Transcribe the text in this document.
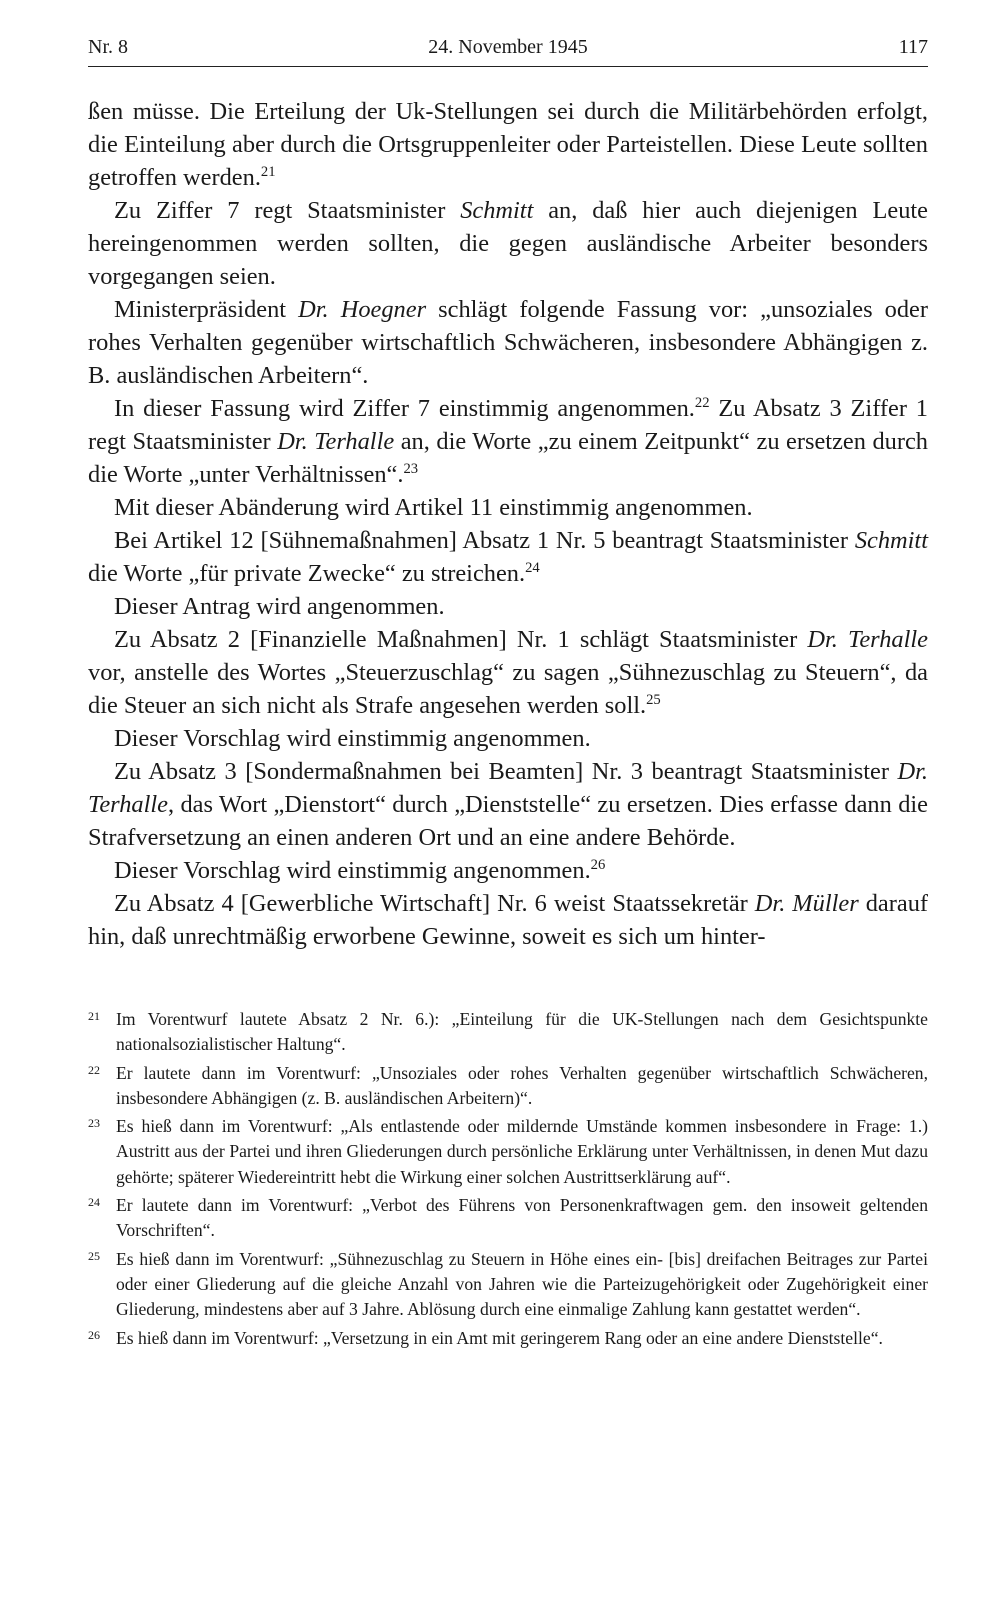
Nr. 8	24. November 1945	117

ßen müsse. Die Erteilung der Uk-Stellungen sei durch die Militärbehörden erfolgt, die Einteilung aber durch die Ortsgruppenleiter oder Parteistellen. Diese Leute sollten getroffen werden.$^{21}$

Zu Ziffer 7 regt Staatsminister Schmitt an, daß hier auch diejenigen Leute hereingenommen werden sollten, die gegen ausländische Arbeiter besonders vorgegangen seien.

Ministerpräsident Dr. Hoegner schlägt folgende Fassung vor: „unsoziales oder rohes Verhalten gegenüber wirtschaftlich Schwächeren, insbesondere Abhängigen z. B. ausländischen Arbeitern“.

In dieser Fassung wird Ziffer 7 einstimmig angenommen.$^{22}$ Zu Absatz 3 Ziffer 1 regt Staatsminister Dr. Terhalle an, die Worte „zu einem Zeitpunkt“ zu ersetzen durch die Worte „unter Verhältnissen“.$^{23}$

Mit dieser Abänderung wird Artikel 11 einstimmig angenommen.

Bei Artikel 12 [Sühnemaßnahmen] Absatz 1 Nr. 5 beantragt Staatsminister Schmitt die Worte „für private Zwecke“ zu streichen.$^{24}$

Dieser Antrag wird angenommen.

Zu Absatz 2 [Finanzielle Maßnahmen] Nr. 1 schlägt Staatsminister Dr. Terhalle vor, anstelle des Wortes „Steuerzuschlag“ zu sagen „Sühnezuschlag zu Steuern“, da die Steuer an sich nicht als Strafe angesehen werden soll.$^{25}$

Dieser Vorschlag wird einstimmig angenommen.

Zu Absatz 3 [Sondermaßnahmen bei Beamten] Nr. 3 beantragt Staatsminister Dr. Terhalle, das Wort „Dienstort“ durch „Dienststelle“ zu ersetzen. Dies erfasse dann die Strafversetzung an einen anderen Ort und an eine andere Behörde.

Dieser Vorschlag wird einstimmig angenommen.$^{26}$

Zu Absatz 4 [Gewerbliche Wirtschaft] Nr. 6 weist Staatssekretär Dr. Müller darauf hin, daß unrechtmäßig erworbene Gewinne, soweit es sich um hinter-

21 Im Vorentwurf lautete Absatz 2 Nr. 6.): „Einteilung für die UK-Stellungen nach dem Gesichtspunkte nationalsozialistischer Haltung“.
22 Er lautete dann im Vorentwurf: „Unsoziales oder rohes Verhalten gegenüber wirtschaftlich Schwächeren, insbesondere Abhängigen (z. B. ausländischen Arbeitern)“.
23 Es hieß dann im Vorentwurf: „Als entlastende oder mildernde Umstände kommen insbesondere in Frage: 1.) Austritt aus der Partei und ihren Gliederungen durch persönliche Erklärung unter Verhältnissen, in denen Mut dazu gehörte; späterer Wiedereintritt hebt die Wirkung einer solchen Austrittserklärung auf“.
24 Er lautete dann im Vorentwurf: „Verbot des Führens von Personenkraftwagen gem. den insoweit geltenden Vorschriften“.
25 Es hieß dann im Vorentwurf: „Sühnezuschlag zu Steuern in Höhe eines ein- [bis] dreifachen Beitrages zur Partei oder einer Gliederung auf die gleiche Anzahl von Jahren wie die Parteizugehörigkeit oder Zugehörigkeit einer Gliederung, mindestens aber auf 3 Jahre. Ablösung durch eine einmalige Zahlung kann gestattet werden“.
26 Es hieß dann im Vorentwurf: „Versetzung in ein Amt mit geringerem Rang oder an eine andere Dienststelle“.
